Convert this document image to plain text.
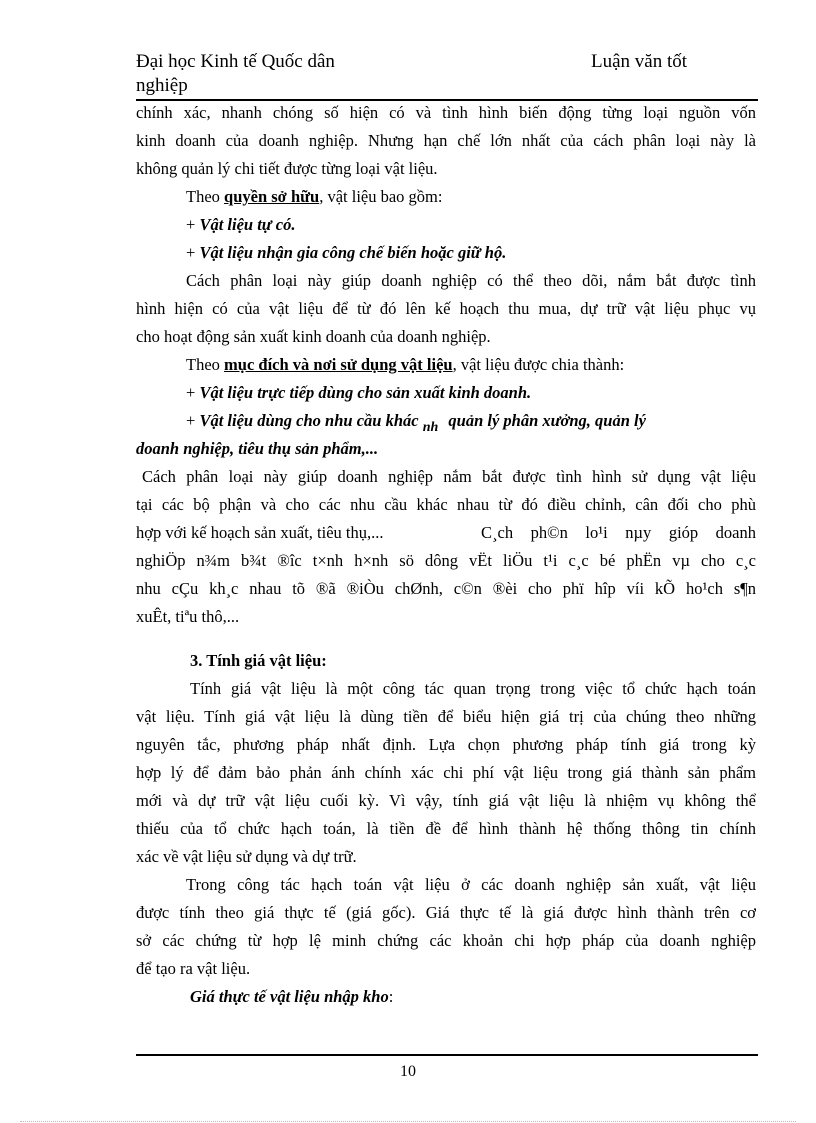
Đại học Kinh tế Quốc dân nghiệp
Luận văn tốt
chính xác, nhanh chóng số hiện có và tình hình biến động từng loại nguồn vốn
kinh doanh của doanh nghiệp. Nhưng hạn chế lớn nhất của cách phân loại này là
không quản lý chi tiết được từng loại vật liệu.
Theo quyền sở hữu, vật liệu bao gồm:
+ Vật liệu tự có.
+ Vật liệu nhận gia công chế biến hoặc giữ hộ.
Cách phân loại này giúp doanh nghiệp có thể theo dõi, nắm bắt được tình
hình hiện có của vật liệu để từ đó lên kế hoạch thu mua, dự trữ vật liệu phục vụ
cho hoạt động sản xuất kinh doanh của doanh nghiệp.
Theo mục đích và nơi sử dụng vật liệu, vật liệu được chia thành:
+ Vật liệu trực tiếp dùng cho sản xuất kinh doanh.
+ Vật liệu dùng cho nhu cầu khác $_{nh}$ quản lý phân xưởng, quản lý
doanh nghiệp, tiêu thụ sản phẩm,...
Cách phân loại này giúp doanh nghiệp nắm bắt được tình hình sử dụng vật liệu
tại các bộ phận và cho các nhu cầu khác nhau từ đó điều chỉnh, cân đối cho phù
hợp với kế hoạch sản xuất, tiêu thụ,...	C¸ch ph©n lo¹i nµy gióp doanh
nghiÖp n¾m b¾t ®îc t×nh h×nh sö dông vËt liÖu t¹i c¸c bé phËn vµ cho c¸c
nhu cÇu kh¸c nhau tõ ®ã ®iÒu chØnh, c©n ®èi cho phï hîp víi kÕ ho¹ch s¶n
xuÊt, tiªu thô,...
3. Tính giá vật liệu:
Tính giá vật liệu là một công tác quan trọng trong việc tổ chức hạch toán
vật liệu. Tính giá vật liệu là dùng tiền để biểu hiện giá trị của chúng theo những
nguyên tắc, phương pháp nhất định. Lựa chọn phương pháp tính giá trong kỳ
hợp lý để đảm bảo phản ánh chính xác chi phí vật liệu trong giá thành sản phẩm
mới và dự trữ vật liệu cuối kỳ. Vì vậy, tính giá vật liệu là nhiệm vụ không thể
thiếu của tổ chức hạch toán, là tiền đề để hình thành hệ thống thông tin chính
xác về vật liệu sử dụng và dự trữ.
Trong công tác hạch toán vật liệu ở các doanh nghiệp sản xuất, vật liệu
được tính theo giá thực tế (giá gốc). Giá thực tế là giá được hình thành trên cơ
sở các chứng từ hợp lệ minh chứng các khoản chi hợp pháp của doanh nghiệp
để tạo ra vật liệu.
Giá thực tế vật liệu nhập kho:
10
